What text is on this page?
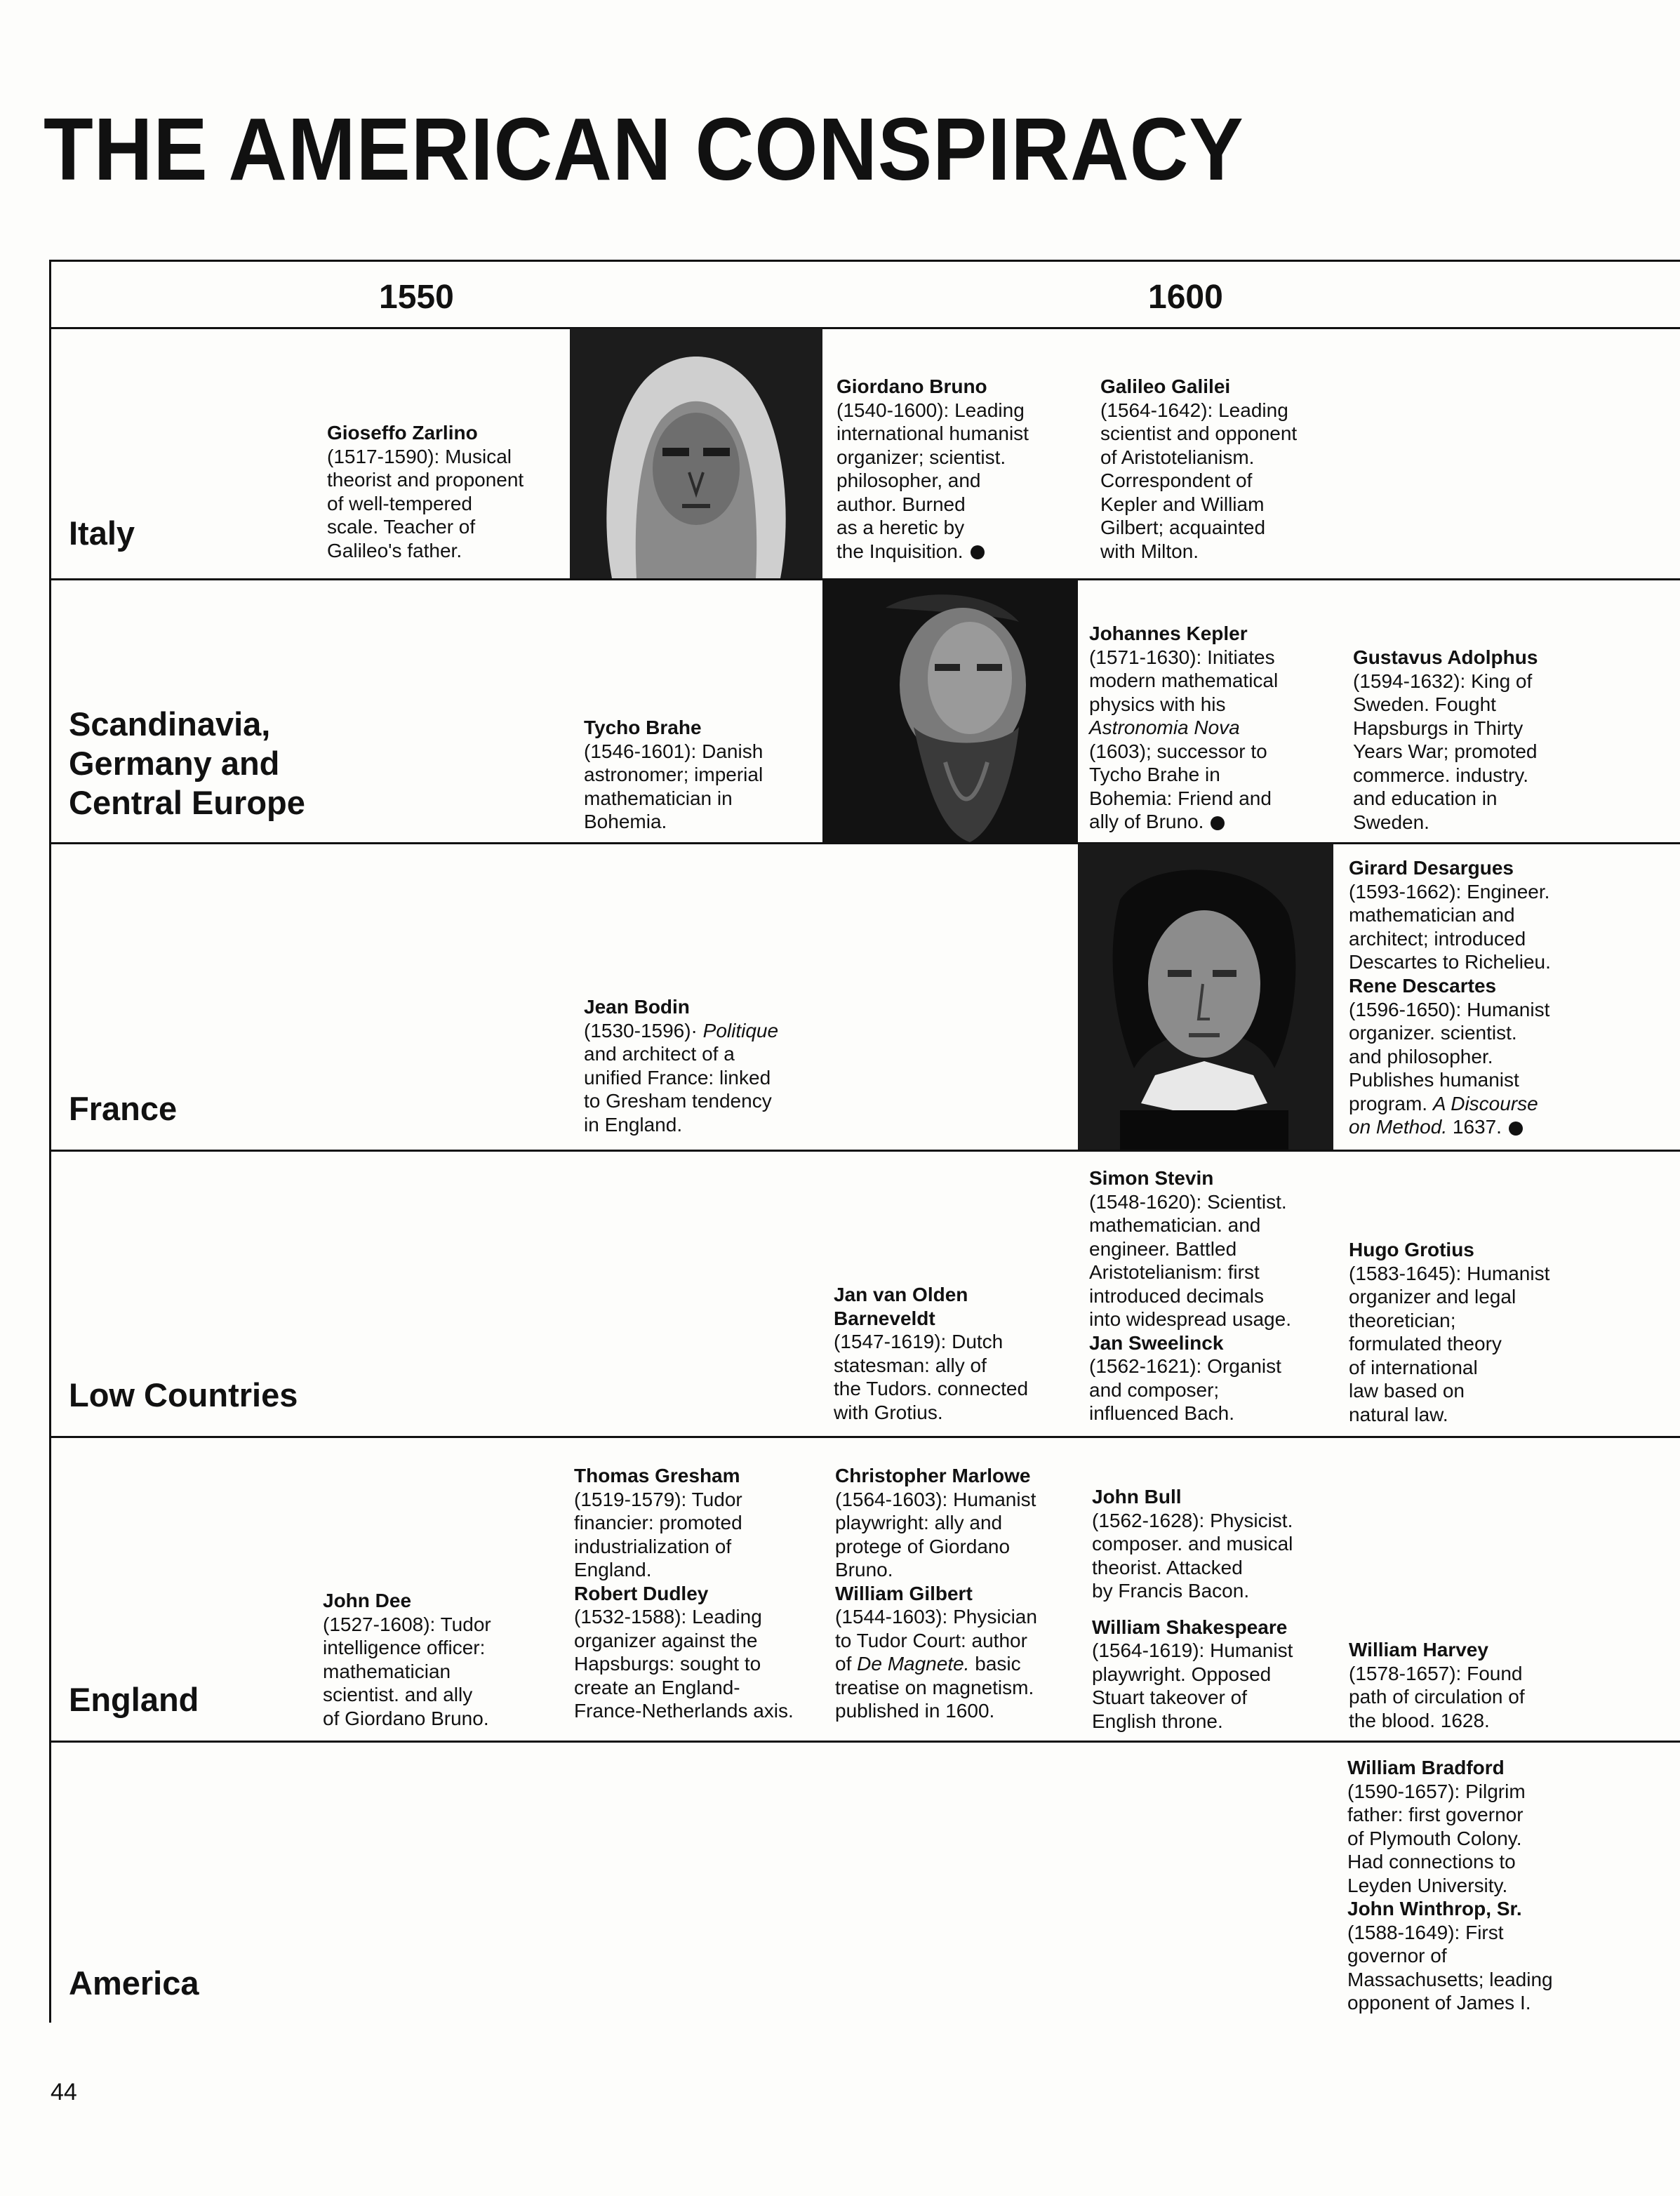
THE AMERICAN CONSPIRACY
1550	1600
Italy
Scandinavia,
Germany and
Central Europe
France
Low Countries
England
America
Gioseffo Zarlino
(1517-1590): Musical
theorist and proponent
of well-tempered
scale. Teacher of
Galileo's father.
Giordano Bruno
(1540-1600): Leading
international humanist
organizer; scientist.
philosopher, and
author. Burned
as a heretic by
the Inquisition.
Galileo Galilei
(1564-1642): Leading
scientist and opponent
of Aristotelianism.
Correspondent of
Kepler and William
Gilbert; acquainted
with Milton.
Tycho Brahe
(1546-1601): Danish
astronomer; imperial
mathematician in
Bohemia.
Johannes Kepler
(1571-1630): Initiates
modern mathematical
physics with his
Astronomia Nova
(1603); successor to
Tycho Brahe in
Bohemia: Friend and
ally of Bruno.
Gustavus Adolphus
(1594-1632): King of
Sweden. Fought
Hapsburgs in Thirty
Years War; promoted
commerce. industry.
and education in
Sweden.
Jean Bodin
(1530-1596)· Politique
and architect of a
unified France: linked
to Gresham tendency
in England.
Girard Desargues
(1593-1662): Engineer.
mathematician and
architect; introduced
Descartes to Richelieu.
Rene Descartes
(1596-1650): Humanist
organizer. scientist.
and philosopher.
Publishes humanist
program. A Discourse
on Method. 1637.
Jan van Olden
Barneveldt
(1547-1619): Dutch
statesman: ally of
the Tudors. connected
with Grotius.
Simon Stevin
(1548-1620): Scientist.
mathematician. and
engineer. Battled
Aristotelianism: first
introduced decimals
into widespread usage.
Jan Sweelinck
(1562-1621): Organist
and composer;
influenced Bach.
Hugo Grotius
(1583-1645): Humanist
organizer and legal
theoretician;
formulated theory
of international
law based on
natural law.
John Dee
(1527-1608): Tudor
intelligence officer:
mathematician
scientist. and ally
of Giordano Bruno.
Thomas Gresham
(1519-1579): Tudor
financier: promoted
industrialization of
England.
Robert Dudley
(1532-1588): Leading
organizer against the
Hapsburgs: sought to
create an England-
France-Netherlands axis.
Christopher Marlowe
(1564-1603): Humanist
playwright: ally and
protege of Giordano
Bruno.
William Gilbert
(1544-1603): Physician
to Tudor Court: author
of De Magnete. basic
treatise on magnetism.
published in 1600.
John Bull
(1562-1628): Physicist.
composer. and musical
theorist. Attacked
by Francis Bacon.
William Shakespeare
(1564-1619): Humanist
playwright. Opposed
Stuart takeover of
English throne.
William Harvey
(1578-1657): Found
path of circulation of
the blood. 1628.
William Bradford
(1590-1657): Pilgrim
father: first governor
of Plymouth Colony.
Had connections to
Leyden University.
John Winthrop, Sr.
(1588-1649): First
governor of
Massachusetts; leading
opponent of James I.
44
